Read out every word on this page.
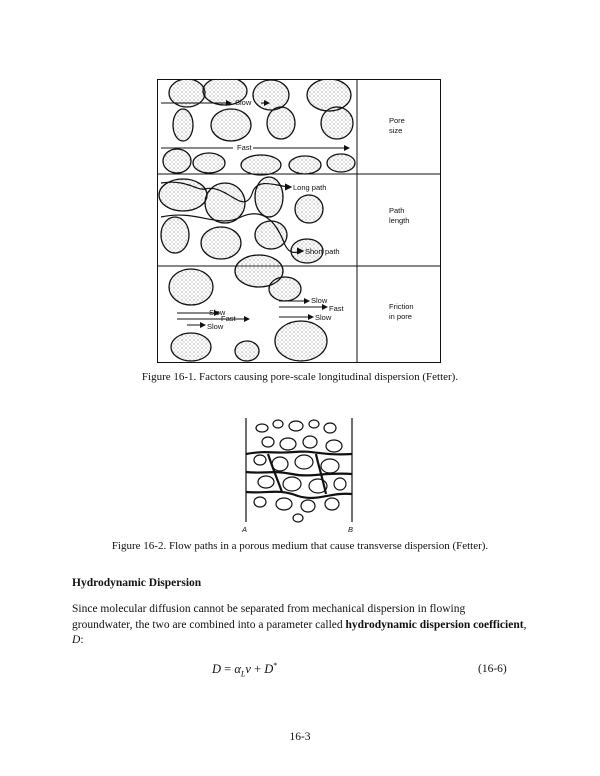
Slow
Fast
Long path
Short path
Slow
Fast
Slow
Slow
Fast
Slow
Pore
size
Path
length
Friction
in pore
Figure 16-1. Factors causing pore-scale longitudinal dispersion (Fetter).
A	B
Figure 16-2. Flow paths in a porous medium that cause transverse dispersion (Fetter).
Hydrodynamic Dispersion
Since molecular diffusion cannot be separated from mechanical dispersion in flowing groundwater, the two are combined into a parameter called hydrodynamic dispersion coefficient, D:
$D = \alpha_Lv + D^*$	(16-6)
16-3
